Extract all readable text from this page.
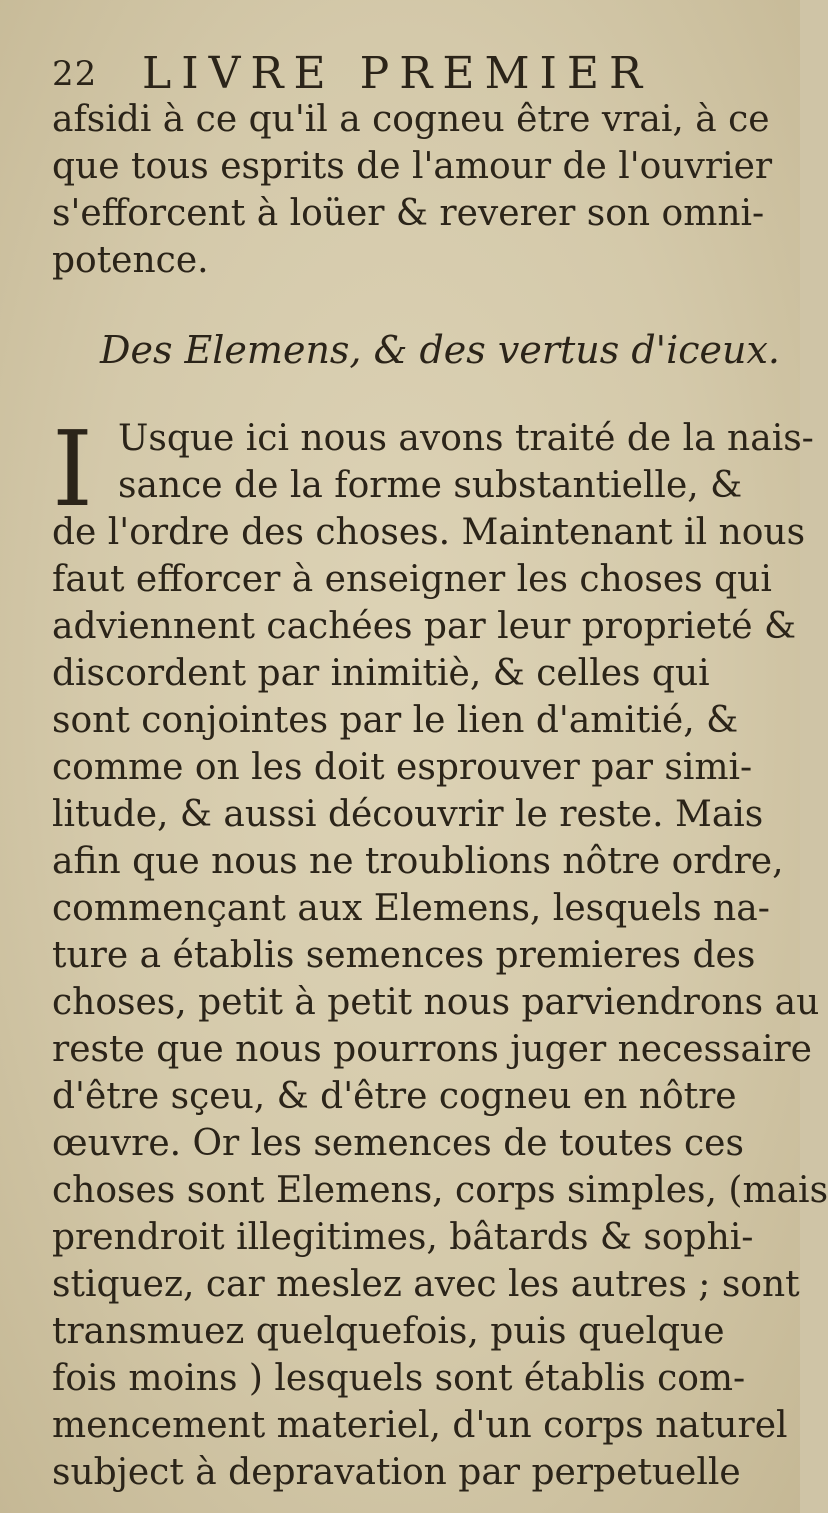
22 LIVRE PREMIER
afsidi à ce qu'il a cogneu être vrai, à ce
que tous esprits de l'amour de l'ouvrier
s'efforcent à loüer & reverer son omni-
potence.
Des Elemens, & des vertus d'iceux.
I Usque ici nous avons traité de la nais-
sance de la forme substantielle, &
de l'ordre des choses. Maintenant il nous
faut efforcer à enseigner les choses qui
adviennent cachées par leur proprieté &
discordent par inimitiè, & celles qui
sont conjointes par le lien d'amitié, &
comme on les doit esprouver par simi-
litude, & aussi découvrir le reste. Mais
afin que nous ne troublions nôtre ordre,
commençant aux Elemens, lesquels na-
ture a établis semences premieres des
choses, petit à petit nous parviendrons au
reste que nous pourrons juger necessaire
d'être sçeu, & d'être cogneu en nôtre
œuvre. Or les semences de toutes ces
choses sont Elemens, corps simples, (mais
prendroit illegitimes, bâtards & sophi-
stiquez, car meslez avec les autres ; sont
transmuez quelquefois, puis quelque
fois moins ) lesquels sont établis com-
mencement materiel, d'un corps naturel
subject à depravation par perpetuelle
